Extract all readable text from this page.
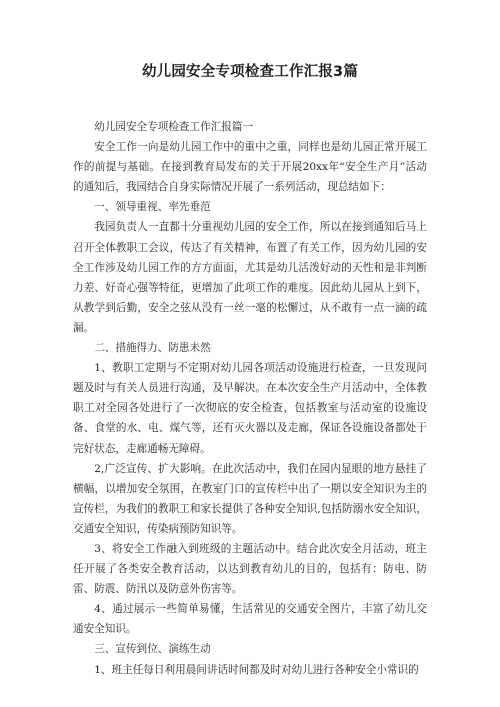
幼儿园安全专项检查工作汇报3篇

幼儿园安全专项检查工作汇报篇一

安全工作一向是幼儿园工作中的重中之重，同样也是幼儿园正常开展工作的前提与基础。在接到教育局发布的关于开展20xx年“安全生产月”活动的通知后，我园结合自身实际情况开展了一系列活动，现总结如下：

一、领导重视、率先垂范

我园负责人一直都十分重视幼儿园的安全工作，所以在接到通知后马上召开全体教职工会议，传达了有关精神，布置了有关工作，因为幼儿园的安全工作涉及幼儿园工作的方方面面，尤其是幼儿活泼好动的天性和是非判断力差、好奇心强等特征，更增加了此项工作的难度。因此幼儿园从上到下，从教学到后勤，安全之弦从没有一丝一毫的松懈过，从不敢有一点一滴的疏漏。

二、措施得力、防患未然

1、教职工定期与不定期对幼儿园各项活动设施进行检查，一旦发现问题及时与有关人员进行沟通，及早解决。在本次安全生产月活动中，全体教职工对全园各处进行了一次彻底的安全检查，包括教室与活动室的设施设备、食堂的水、电、煤气等，还有灭火器以及走廊，保证各设施设备都处于完好状态，走廊通畅无障碍。

2,广泛宣传、扩大影响。在此次活动中，我们在园内显眼的地方悬挂了横幅，以增加安全氛围，在教室门口的宣传栏中出了一期以安全知识为主的宣传栏，为我们的教职工和家长提供了各种安全知识,包括防溺水安全知识，交通安全知识，传染病预防知识等。

3、将安全工作融入到班级的主题活动中。结合此次安全月活动，班主任开展了各类安全教育活动，以达到教育幼儿的目的，包括有：防电、防雷、防震、防汛以及防意外伤害等。

4、通过展示一些简单易懂，生活常见的交通安全图片，丰富了幼儿交通安全知识。

三、宣传到位、演练生动

1、班主任每日利用晨间讲话时间都及时对幼儿进行各种安全小常识的
